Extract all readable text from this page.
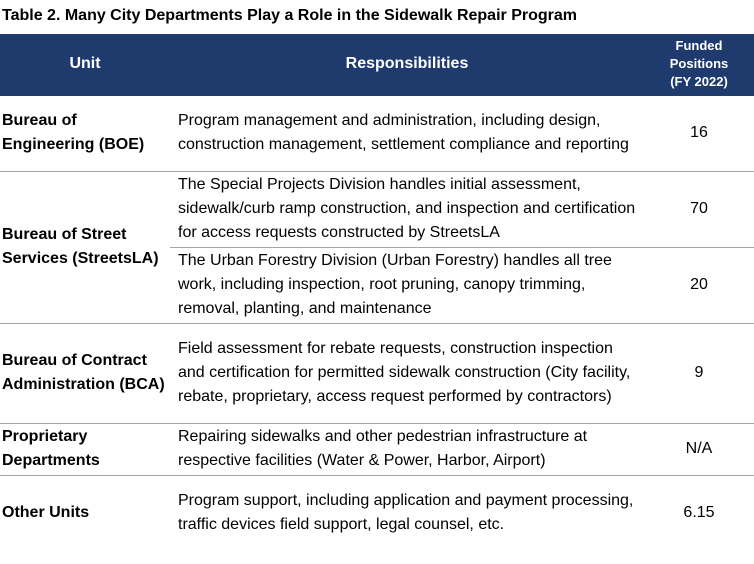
Table 2. Many City Departments Play a Role in the Sidewalk Repair Program
Unit	Responsibilities	Funded
Positions
(FY 2022)

Bureau of Engineering (BOE)	Program management and administration, including design, construction management, settlement compliance and reporting	16
Bureau of Street Services (StreetsLA)	The Special Projects Division handles initial assessment, sidewalk/curb ramp construction, and inspection and certification for access requests constructed by StreetsLA	70
	The Urban Forestry Division (Urban Forestry) handles all tree work, including inspection, root pruning, canopy trimming, removal, planting, and maintenance	20
Bureau of Contract Administration (BCA)	Field assessment for rebate requests, construction inspection and certification for permitted sidewalk construction (City facility, rebate, proprietary, access request performed by contractors)	9
Proprietary Departments	Repairing sidewalks and other pedestrian infrastructure at respective facilities (Water & Power, Harbor, Airport)	N/A
Other Units	Program support, including application and payment processing, traffic devices field support, legal counsel, etc.	6.15
